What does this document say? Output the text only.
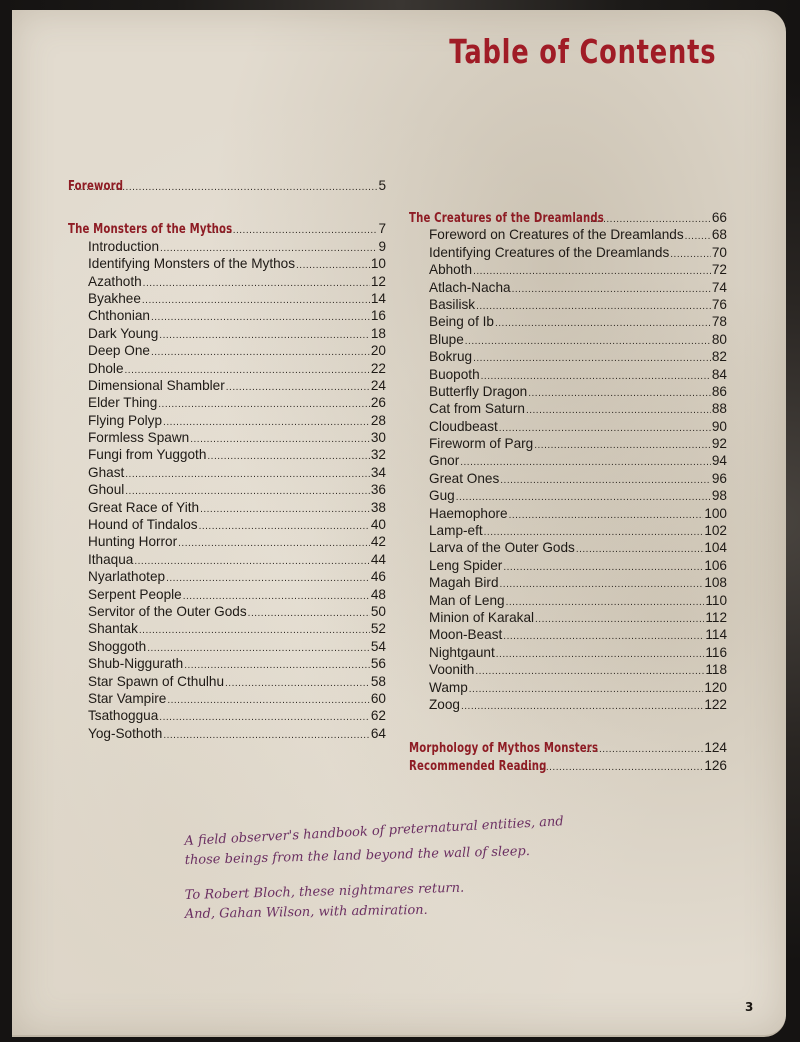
Table of Contents
Foreword .....	5
The Monsters of the Mythos .....	7
Introduction .....	9
Identifying Monsters of the Mythos .....	10
Azathoth .....	12
Byakhee .....	14
Chthonian .....	16
Dark Young .....	18
Deep One .....	20
Dhole .....	22
Dimensional Shambler .....	24
Elder Thing .....	26
Flying Polyp .....	28
Formless Spawn .....	30
Fungi from Yuggoth .....	32
Ghast .....	34
Ghoul .....	36
Great Race of Yith .....	38
Hound of Tindalos .....	40
Hunting Horror .....	42
Ithaqua .....	44
Nyarlathotep .....	46
Serpent People .....	48
Servitor of the Outer Gods .....	50
Shantak .....	52
Shoggoth .....	54
Shub-Niggurath .....	56
Star Spawn of Cthulhu .....	58
Star Vampire .....	60
Tsathoggua .....	62
Yog-Sothoth .....	64
The Creatures of the Dreamlands .....	66
Foreword on Creatures of the Dreamlands ..... 68
Identifying Creatures of the Dreamlands .....	70
Abhoth .....	72
Atlach-Nacha .....	74
Basilisk .....	76
Being of Ib .....	78
Blupe .....	80
Bokrug .....	82
Buopoth .....	84
Butterfly Dragon .....	86
Cat from Saturn .....	88
Cloudbeast .....	90
Fireworm of Parg .....	92
Gnor .....	94
Great Ones .....	96
Gug .....	98
Haemophore .....	100
Lamp-eft .....	102
Larva of the Outer Gods .....	104
Leng Spider .....	106
Magah Bird .....	108
Man of Leng .....	110
Minion of Karakal .....	112
Moon-Beast .....	114
Nightgaunt .....	116
Voonith .....	118
Wamp .....	120
Zoog .....	122
Morphology of Mythos Monsters .....	124
Recommended Reading .....	126
A field observer's handbook of preternatural entities, and
those beings from the land beyond the wall of sleep.
To Robert Bloch, these nightmares return.
And, Gahan Wilson, with admiration.
3
